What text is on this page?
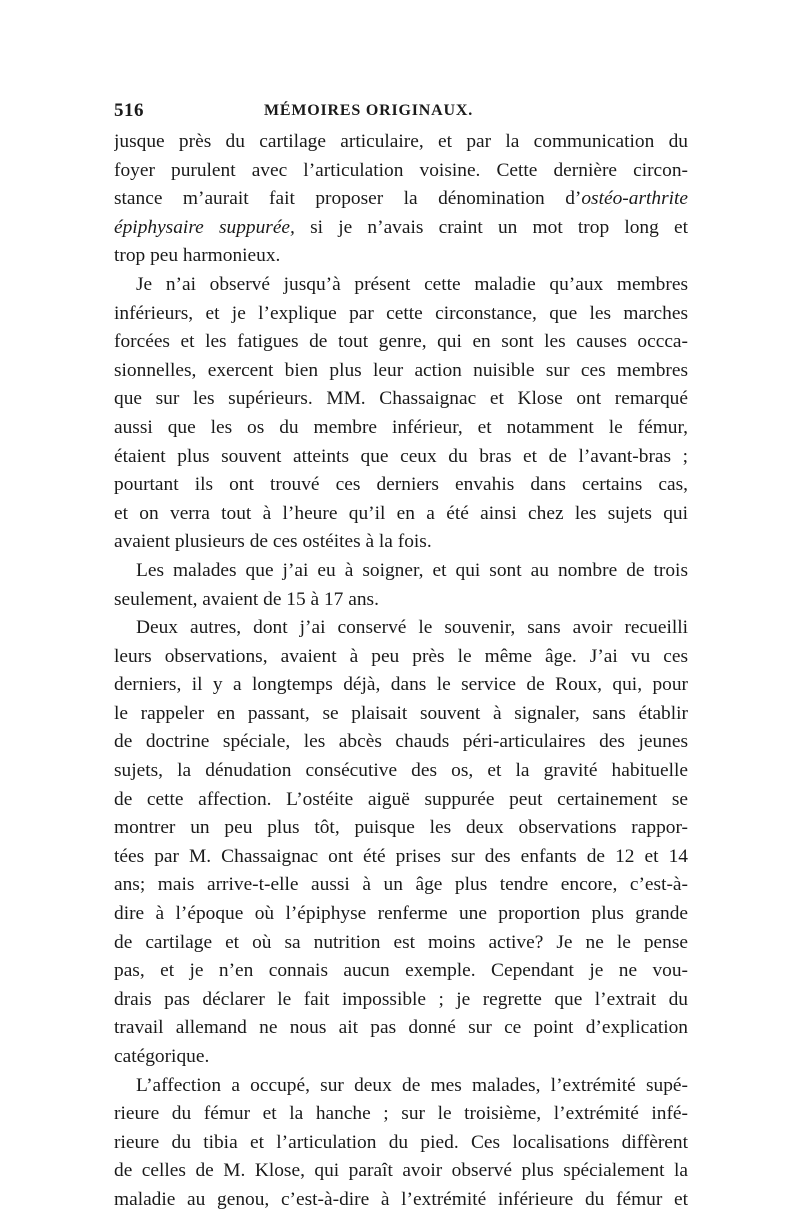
516	MÉMOIRES ORIGINAUX.
jusque près du cartilage articulaire, et par la communication du
foyer purulent avec l’articulation voisine. Cette dernière circon-
stance m’aurait fait proposer la dénomination d’ostéo-arthrite
épiphysaire suppurée, si je n’avais craint un mot trop long et
trop peu harmonieux.
Je n’ai observé jusqu’à présent cette maladie qu’aux membres
inférieurs, et je l’explique par cette circonstance, que les marches
forcées et les fatigues de tout genre, qui en sont les causes occca-
sionnelles, exercent bien plus leur action nuisible sur ces membres
que sur les supérieurs. MM. Chassaignac et Klose ont remarqué
aussi que les os du membre inférieur, et notamment le fémur,
étaient plus souvent atteints que ceux du bras et de l’avant-bras ;
pourtant ils ont trouvé ces derniers envahis dans certains cas,
et on verra tout à l’heure qu’il en a été ainsi chez les sujets qui
avaient plusieurs de ces ostéites à la fois.
Les malades que j’ai eu à soigner, et qui sont au nombre de trois
seulement, avaient de 15 à 17 ans.
Deux autres, dont j’ai conservé le souvenir, sans avoir recueilli
leurs observations, avaient à peu près le même âge. J’ai vu ces
derniers, il y a longtemps déjà, dans le service de Roux, qui, pour
le rappeler en passant, se plaisait souvent à signaler, sans établir
de doctrine spéciale, les abcès chauds péri-articulaires des jeunes
sujets, la dénudation consécutive des os, et la gravité habituelle
de cette affection. L’ostéite aiguë suppurée peut certainement se
montrer un peu plus tôt, puisque les deux observations rappor-
tées par M. Chassaignac ont été prises sur des enfants de 12 et 14
ans; mais arrive-t-elle aussi à un âge plus tendre encore, c’est-à-
dire à l’époque où l’épiphyse renferme une proportion plus grande
de cartilage et où sa nutrition est moins active? Je ne le pense
pas, et je n’en connais aucun exemple. Cependant je ne vou-
drais pas déclarer le fait impossible ; je regrette que l’extrait du
travail allemand ne nous ait pas donné sur ce point d’explication
catégorique.
L’affection a occupé, sur deux de mes malades, l’extrémité supé-
rieure du fémur et la hanche ; sur le troisième, l’extrémité infé-
rieure du tibia et l’articulation du pied. Ces localisations diffèrent
de celles de M. Klose, qui paraît avoir observé plus spécialement la
maladie au genou, c’est-à-dire à l’extrémité inférieure du fémur et
